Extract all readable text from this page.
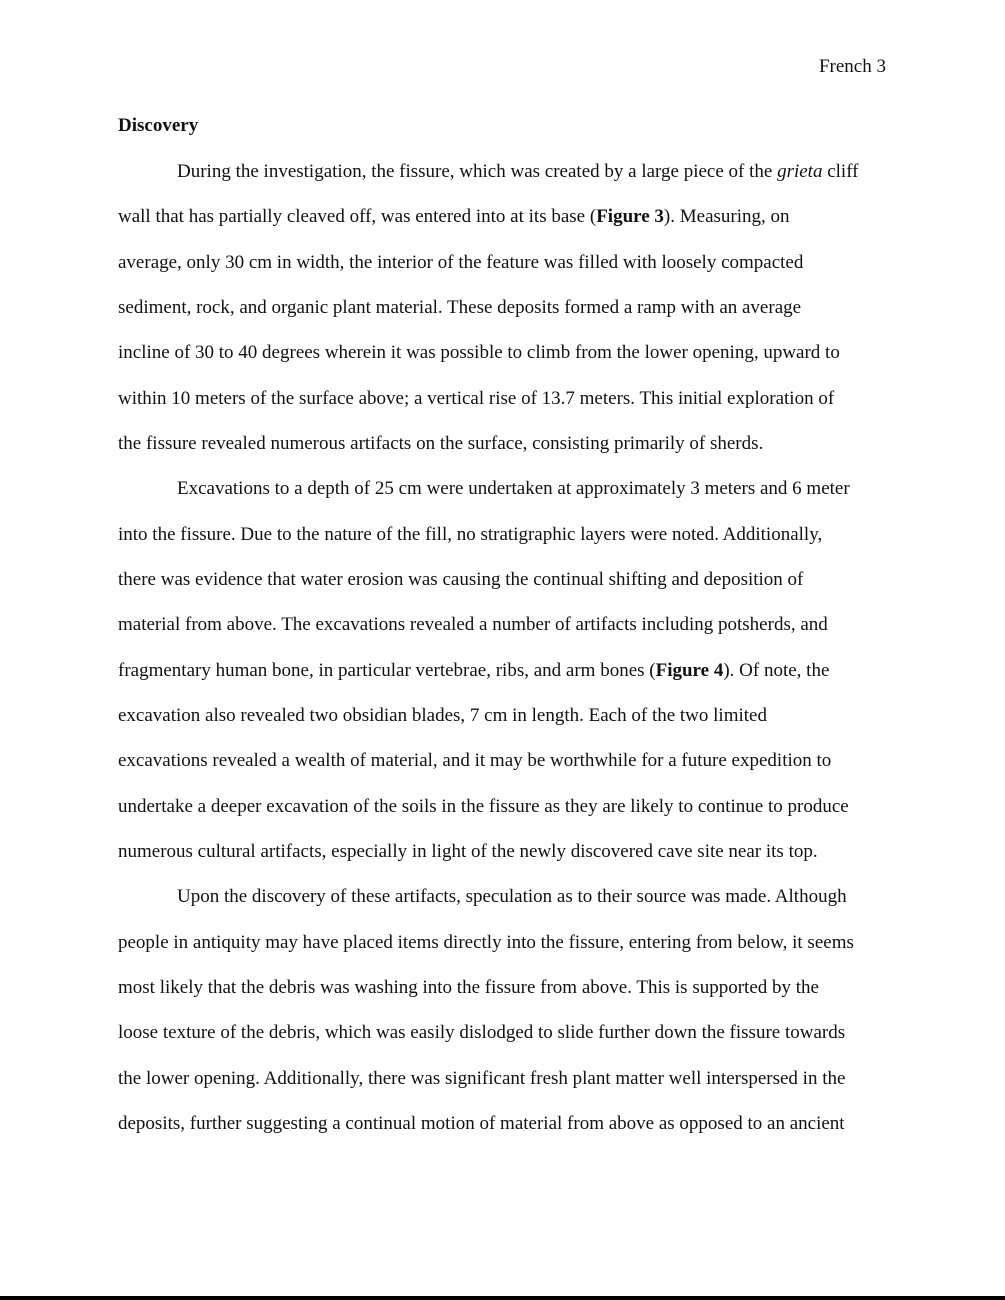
French 3
Discovery
During the investigation, the fissure, which was created by a large piece of the grieta cliff
wall that has partially cleaved off, was entered into at its base (Figure 3). Measuring, on
average, only 30 cm in width, the interior of the feature was filled with loosely compacted
sediment, rock, and organic plant material. These deposits formed a ramp with an average
incline of 30 to 40 degrees wherein it was possible to climb from the lower opening, upward to
within 10 meters of the surface above; a vertical rise of 13.7 meters. This initial exploration of
the fissure revealed numerous artifacts on the surface, consisting primarily of sherds.
Excavations to a depth of 25 cm were undertaken at approximately 3 meters and 6 meter
into the fissure. Due to the nature of the fill, no stratigraphic layers were noted. Additionally,
there was evidence that water erosion was causing the continual shifting and deposition of
material from above. The excavations revealed a number of artifacts including potsherds, and
fragmentary human bone, in particular vertebrae, ribs, and arm bones (Figure 4). Of note, the
excavation also revealed two obsidian blades, 7 cm in length. Each of the two limited
excavations revealed a wealth of material, and it may be worthwhile for a future expedition to
undertake a deeper excavation of the soils in the fissure as they are likely to continue to produce
numerous cultural artifacts, especially in light of the newly discovered cave site near its top.
Upon the discovery of these artifacts, speculation as to their source was made. Although
people in antiquity may have placed items directly into the fissure, entering from below, it seems
most likely that the debris was washing into the fissure from above. This is supported by the
loose texture of the debris, which was easily dislodged to slide further down the fissure towards
the lower opening. Additionally, there was significant fresh plant matter well interspersed in the
deposits, further suggesting a continual motion of material from above as opposed to an ancient
